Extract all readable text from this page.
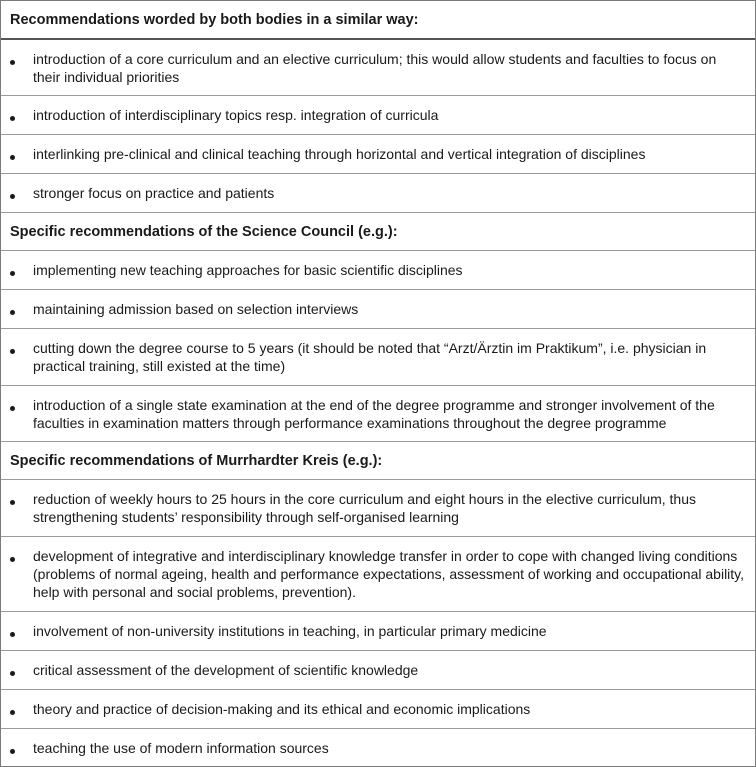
Recommendations worded by both bodies in a similar way:
introduction of a core curriculum and an elective curriculum; this would allow students and faculties to focus on their individual priorities
introduction of interdisciplinary topics resp. integration of curricula
interlinking pre-clinical and clinical teaching through horizontal and vertical integration of disciplines
stronger focus on practice and patients
Specific recommendations of the Science Council (e.g.):
implementing new teaching approaches for basic scientific disciplines
maintaining admission based on selection interviews
cutting down the degree course to 5 years (it should be noted that “Arzt/Ärztin im Praktikum”, i.e. physician in practical training, still existed at the time)
introduction of a single state examination at the end of the degree programme and stronger involvement of the faculties in examination matters through performance examinations throughout the degree programme
Specific recommendations of Murrhardter Kreis (e.g.):
reduction of weekly hours to 25 hours in the core curriculum and eight hours in the elective curriculum, thus strengthening students’ responsibility through self-organised learning
development of integrative and interdisciplinary knowledge transfer in order to cope with changed living conditions (problems of normal ageing, health and performance expectations, assessment of working and occupational ability, help with personal and social problems, prevention).
involvement of non-university institutions in teaching, in particular primary medicine
critical assessment of the development of scientific knowledge
theory and practice of decision-making and its ethical and economic implications
teaching the use of modern information sources
